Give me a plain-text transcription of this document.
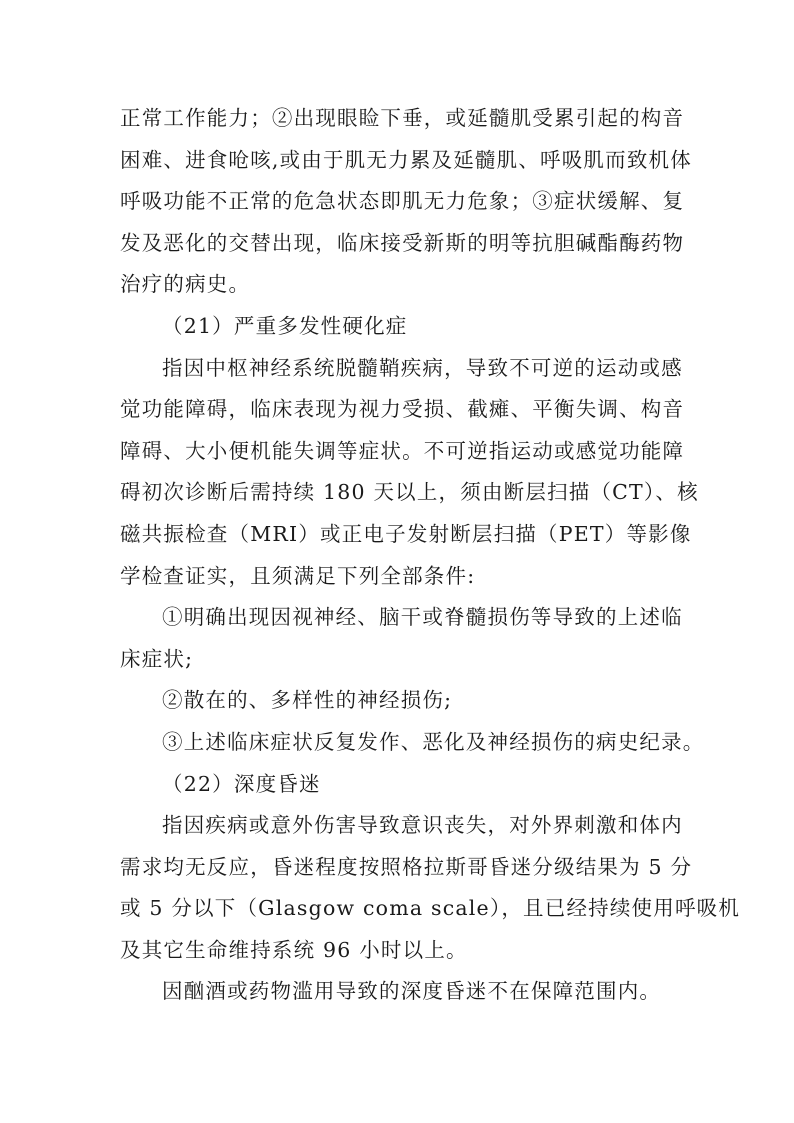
正常工作能力；②出现眼睑下垂，或延髓肌受累引起的构音
困难、进食呛咳,或由于肌无力累及延髓肌、呼吸肌而致机体
呼吸功能不正常的危急状态即肌无力危象；③症状缓解、复
发及恶化的交替出现，临床接受新斯的明等抗胆碱酯酶药物
治疗的病史。
（21）严重多发性硬化症
指因中枢神经系统脱髓鞘疾病，导致不可逆的运动或感
觉功能障碍，临床表现为视力受损、截瘫、平衡失调、构音
障碍、大小便机能失调等症状。不可逆指运动或感觉功能障
碍初次诊断后需持续 180 天以上，须由断层扫描（CT）、核
磁共振检查（MRI）或正电子发射断层扫描（PET）等影像
学检查证实，且须满足下列全部条件:
①明确出现因视神经、脑干或脊髓损伤等导致的上述临
床症状;
②散在的、多样性的神经损伤;
③上述临床症状反复发作、恶化及神经损伤的病史纪录。
（22）深度昏迷
指因疾病或意外伤害导致意识丧失，对外界刺激和体内
需求均无反应，昏迷程度按照格拉斯哥昏迷分级结果为 5 分
或 5 分以下（Glasgow coma scale），且已经持续使用呼吸机
及其它生命维持系统 96 小时以上。
因酗酒或药物滥用导致的深度昏迷不在保障范围内。
